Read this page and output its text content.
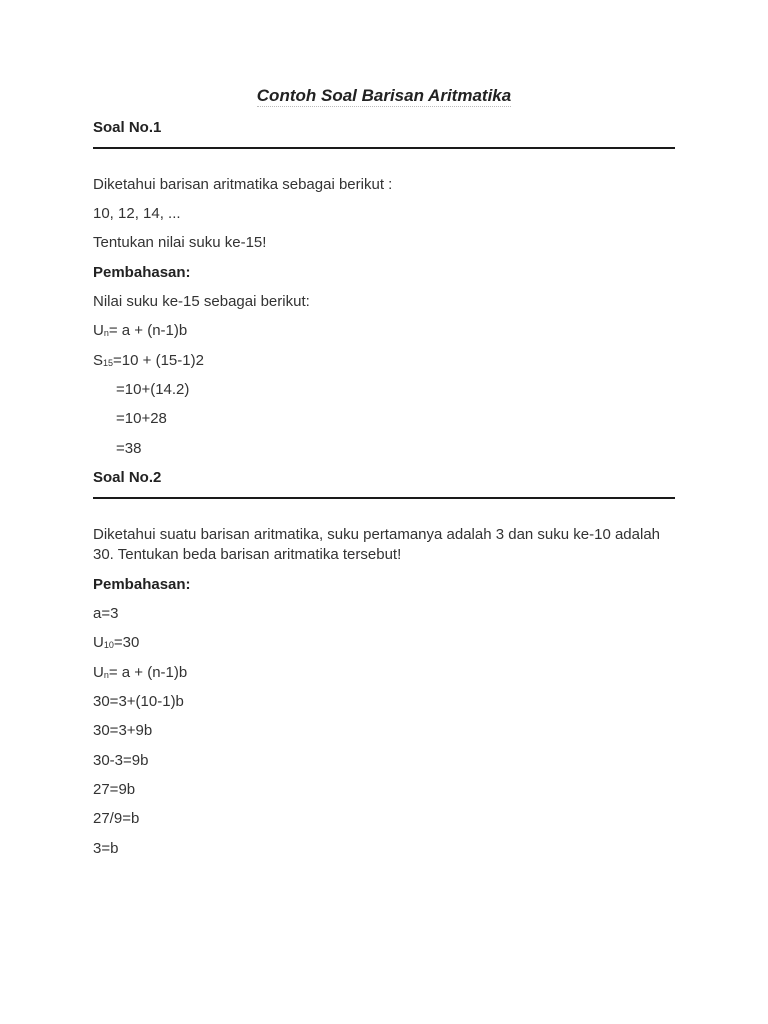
Contoh Soal Barisan Aritmatika
Soal No.1
Diketahui barisan aritmatika sebagai berikut :
10, 12, 14, ...
Tentukan nilai suku ke-15!
Pembahasan:
Nilai suku ke-15 sebagai berikut:
$U_n= a + (n-1)b$
$S_{15}=10 + (15-1)2$
=10+(14.2)
=10+28
=38
Soal No.2
Diketahui suatu barisan aritmatika, suku pertamanya adalah 3 dan suku ke-10 adalah 30. Tentukan beda barisan aritmatika tersebut!
Pembahasan:
a=3
$U_{10}=30$
$U_n= a + (n-1)b$
30=3+(10-1)b
30=3+9b
30-3=9b
27=9b
27/9=b
3=b
